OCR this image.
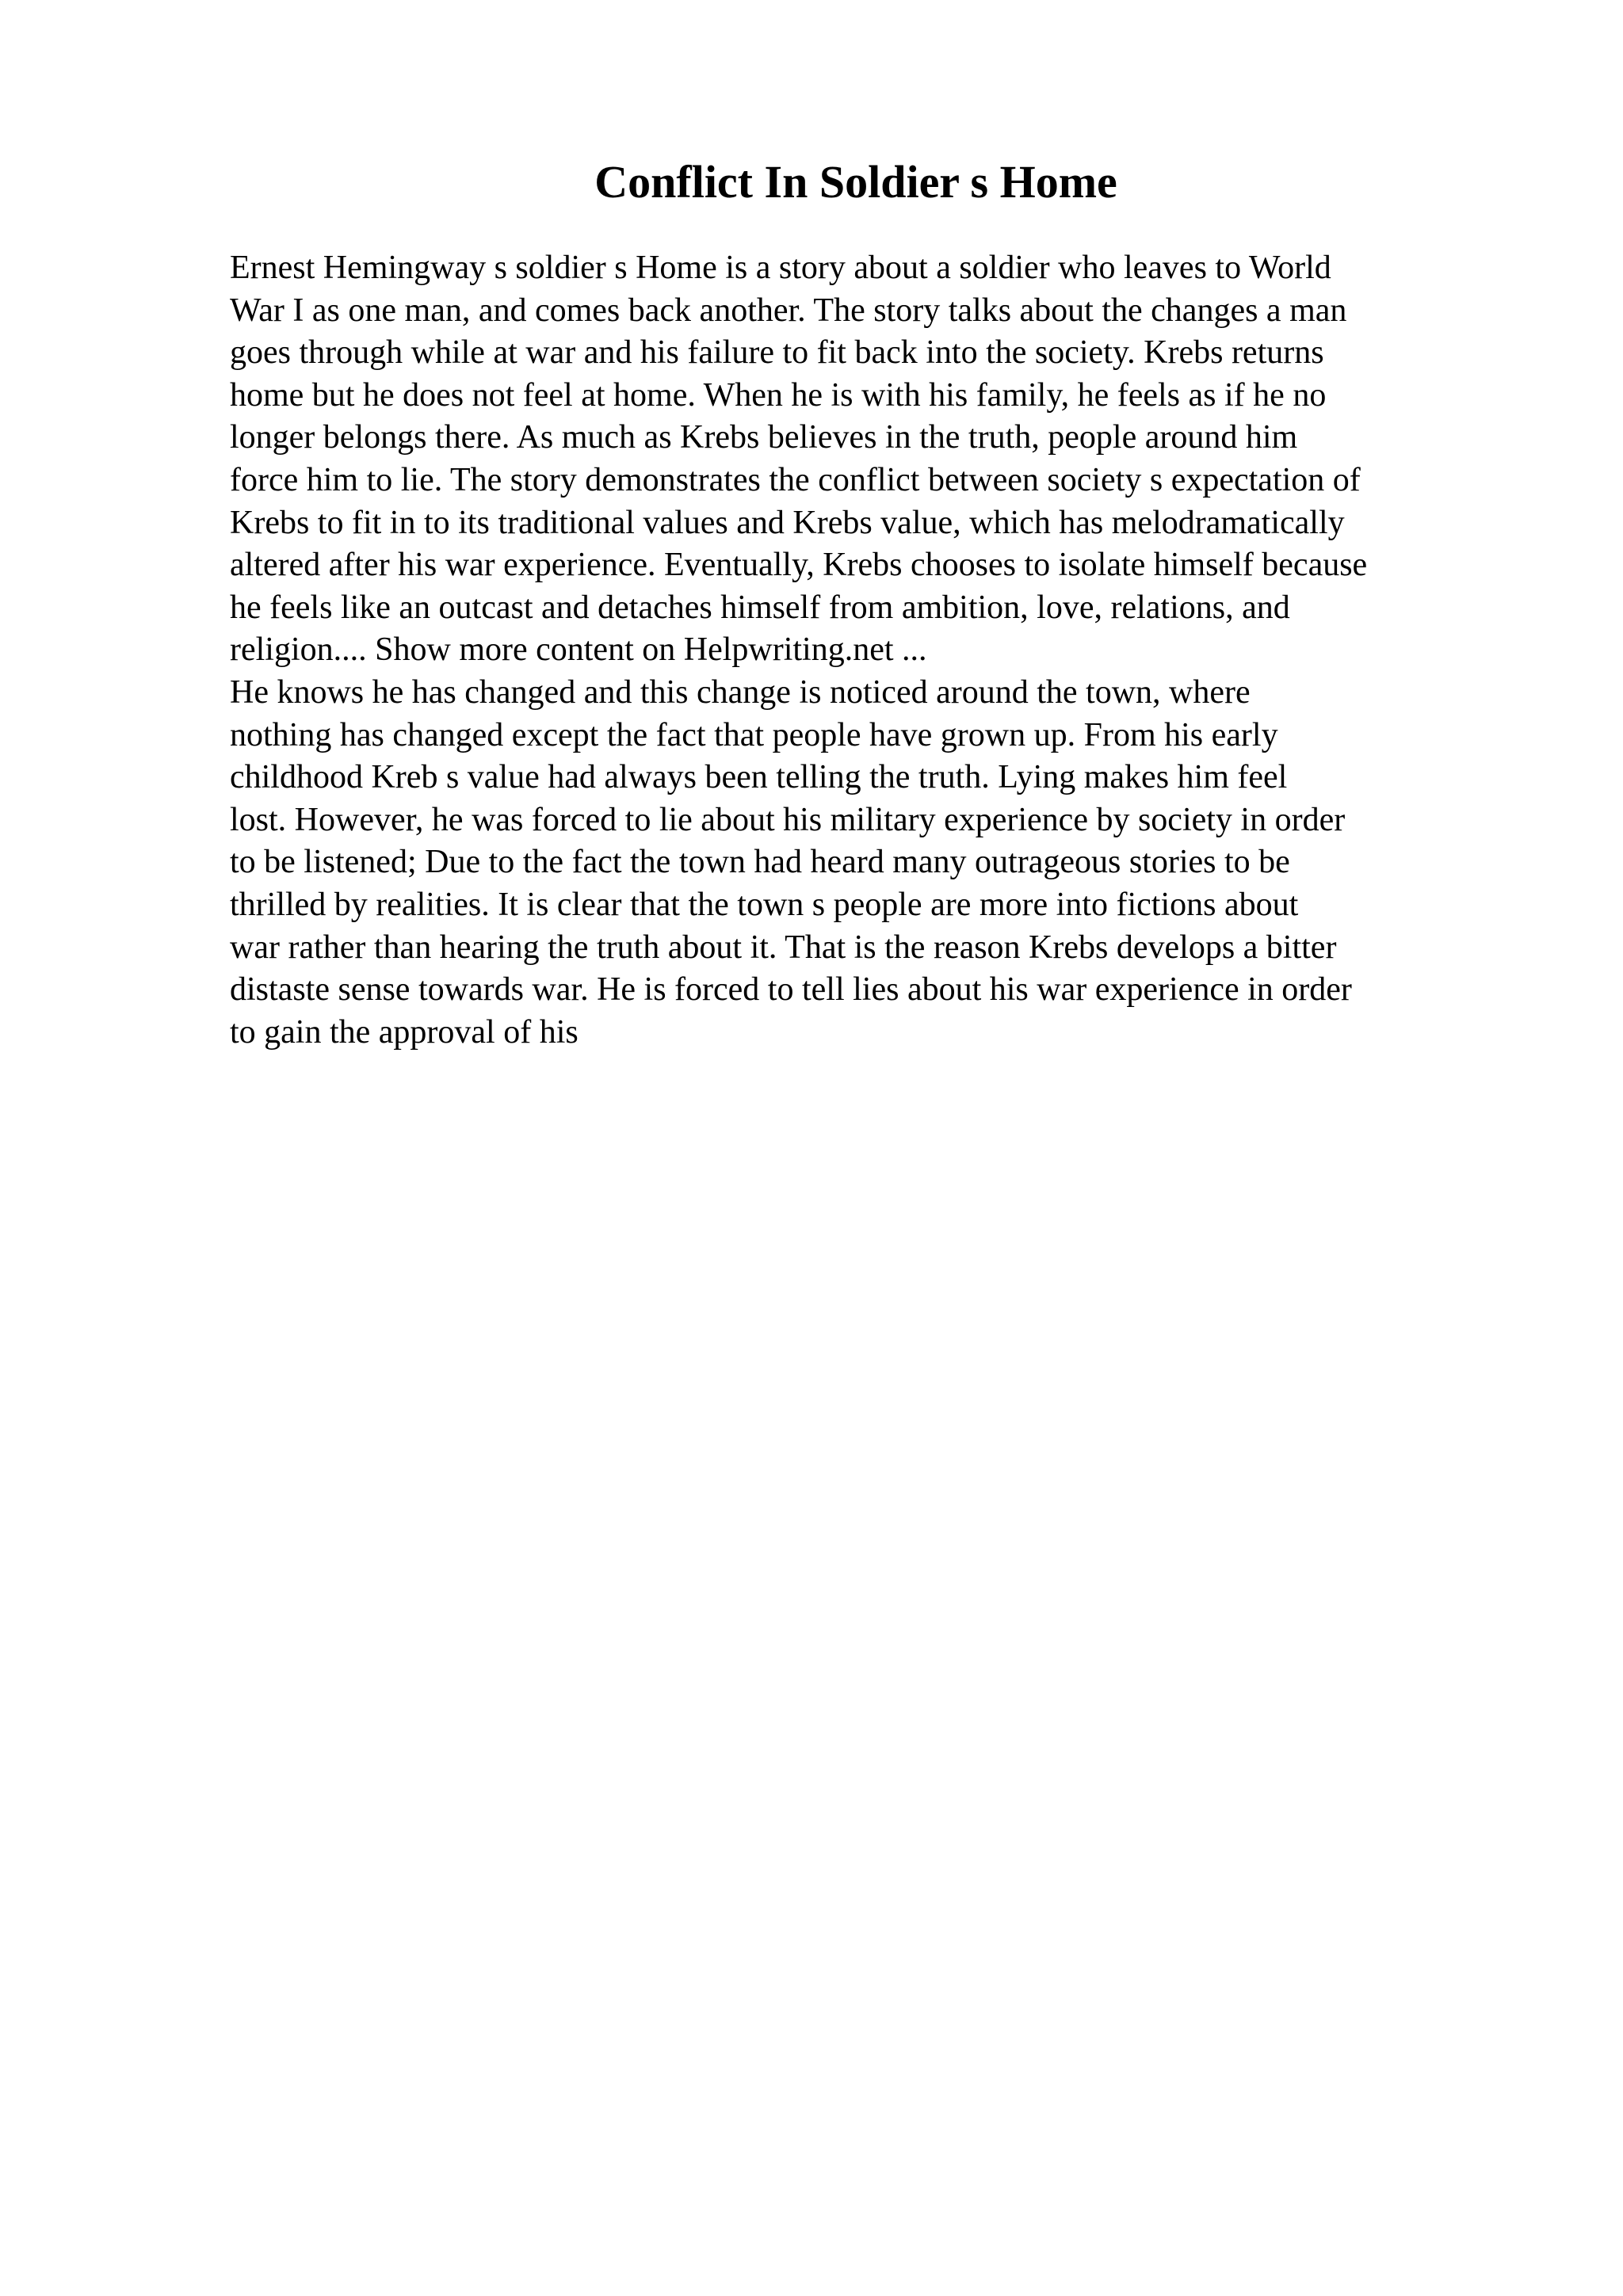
Conflict In Soldier s Home
Ernest Hemingway s soldier s Home is a story about a soldier who leaves to World
War I as one man, and comes back another. The story talks about the changes a man
goes through while at war and his failure to fit back into the society. Krebs returns
home but he does not feel at home. When he is with his family, he feels as if he no
longer belongs there. As much as Krebs believes in the truth, people around him
force him to lie. The story demonstrates the conflict between society s expectation of
Krebs to fit in to its traditional values and Krebs value, which has melodramatically
altered after his war experience. Eventually, Krebs chooses to isolate himself because
he feels like an outcast and detaches himself from ambition, love, relations, and
religion.... Show more content on Helpwriting.net ...
He knows he has changed and this change is noticed around the town, where
nothing has changed except the fact that people have grown up. From his early
childhood Kreb s value had always been telling the truth. Lying makes him feel
lost. However, he was forced to lie about his military experience by society in order
to be listened; Due to the fact the town had heard many outrageous stories to be
thrilled by realities. It is clear that the town s people are more into fictions about
war rather than hearing the truth about it. That is the reason Krebs develops a bitter
distaste sense towards war. He is forced to tell lies about his war experience in order
to gain the approval of his
